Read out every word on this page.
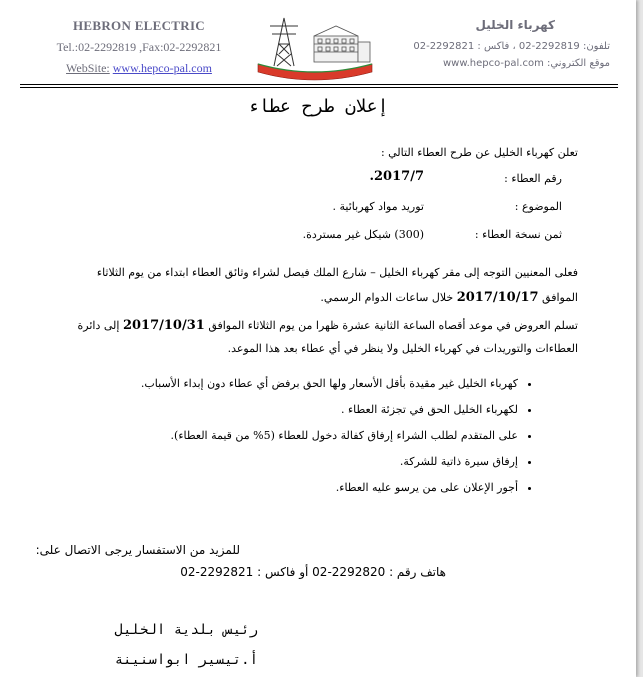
HEBRON ELECTRIC
Tel.:02-2292819 ,Fax:02-2292821
WebSite: www.hepco-pal.com
كهرباء الخليل
تلفون: 2292819-02 ، فاكس : 2292821-02
موقع الكتروني: www.hepco-pal.com
إعلان طرح عطاء
تعلن كهرباء الخليل عن طرح العطاء التالي :
رقم العطاء :
2017/7.
الموضوع :
توريد مواد كهربائية .
ثمن نسخة العطاء :
(300) شيكل غير مستردة.
فعلى المعنيين التوجه إلى مقر كهرباء الخليل – شارع الملك فيصل لشراء وثائق العطاء ابتداء من يوم الثلاثاء
الموافق 2017/10/17 خلال ساعات الدوام الرسمي.
تسلم العروض في موعد أقصاه الساعة الثانية عشرة ظهرا من يوم الثلاثاء الموافق 2017/10/31 إلى دائرة
العطاءات والتوريدات في كهرباء الخليل ولا ينظر في أي عطاء بعد هذا الموعد.
• كهرباء الخليل غير مقيدة بأقل الأسعار ولها الحق برفض أي عطاء دون إبداء الأسباب.
• لكهرباء الخليل الحق في تجزئة العطاء .
• على المتقدم لطلب الشراء إرفاق كفالة دخول للعطاء (5% من قيمة العطاء).
• إرفاق سيرة ذاتية للشركة.
• أجور الإعلان على من يرسو عليه العطاء.
للمزيد من الاستفسار يرجى الاتصال على:
هاتف رقم : 2292820-02 أو فاكس : 2292821-02
رئيس بلدية الخليل
أ.تيسير ابواسنينة
